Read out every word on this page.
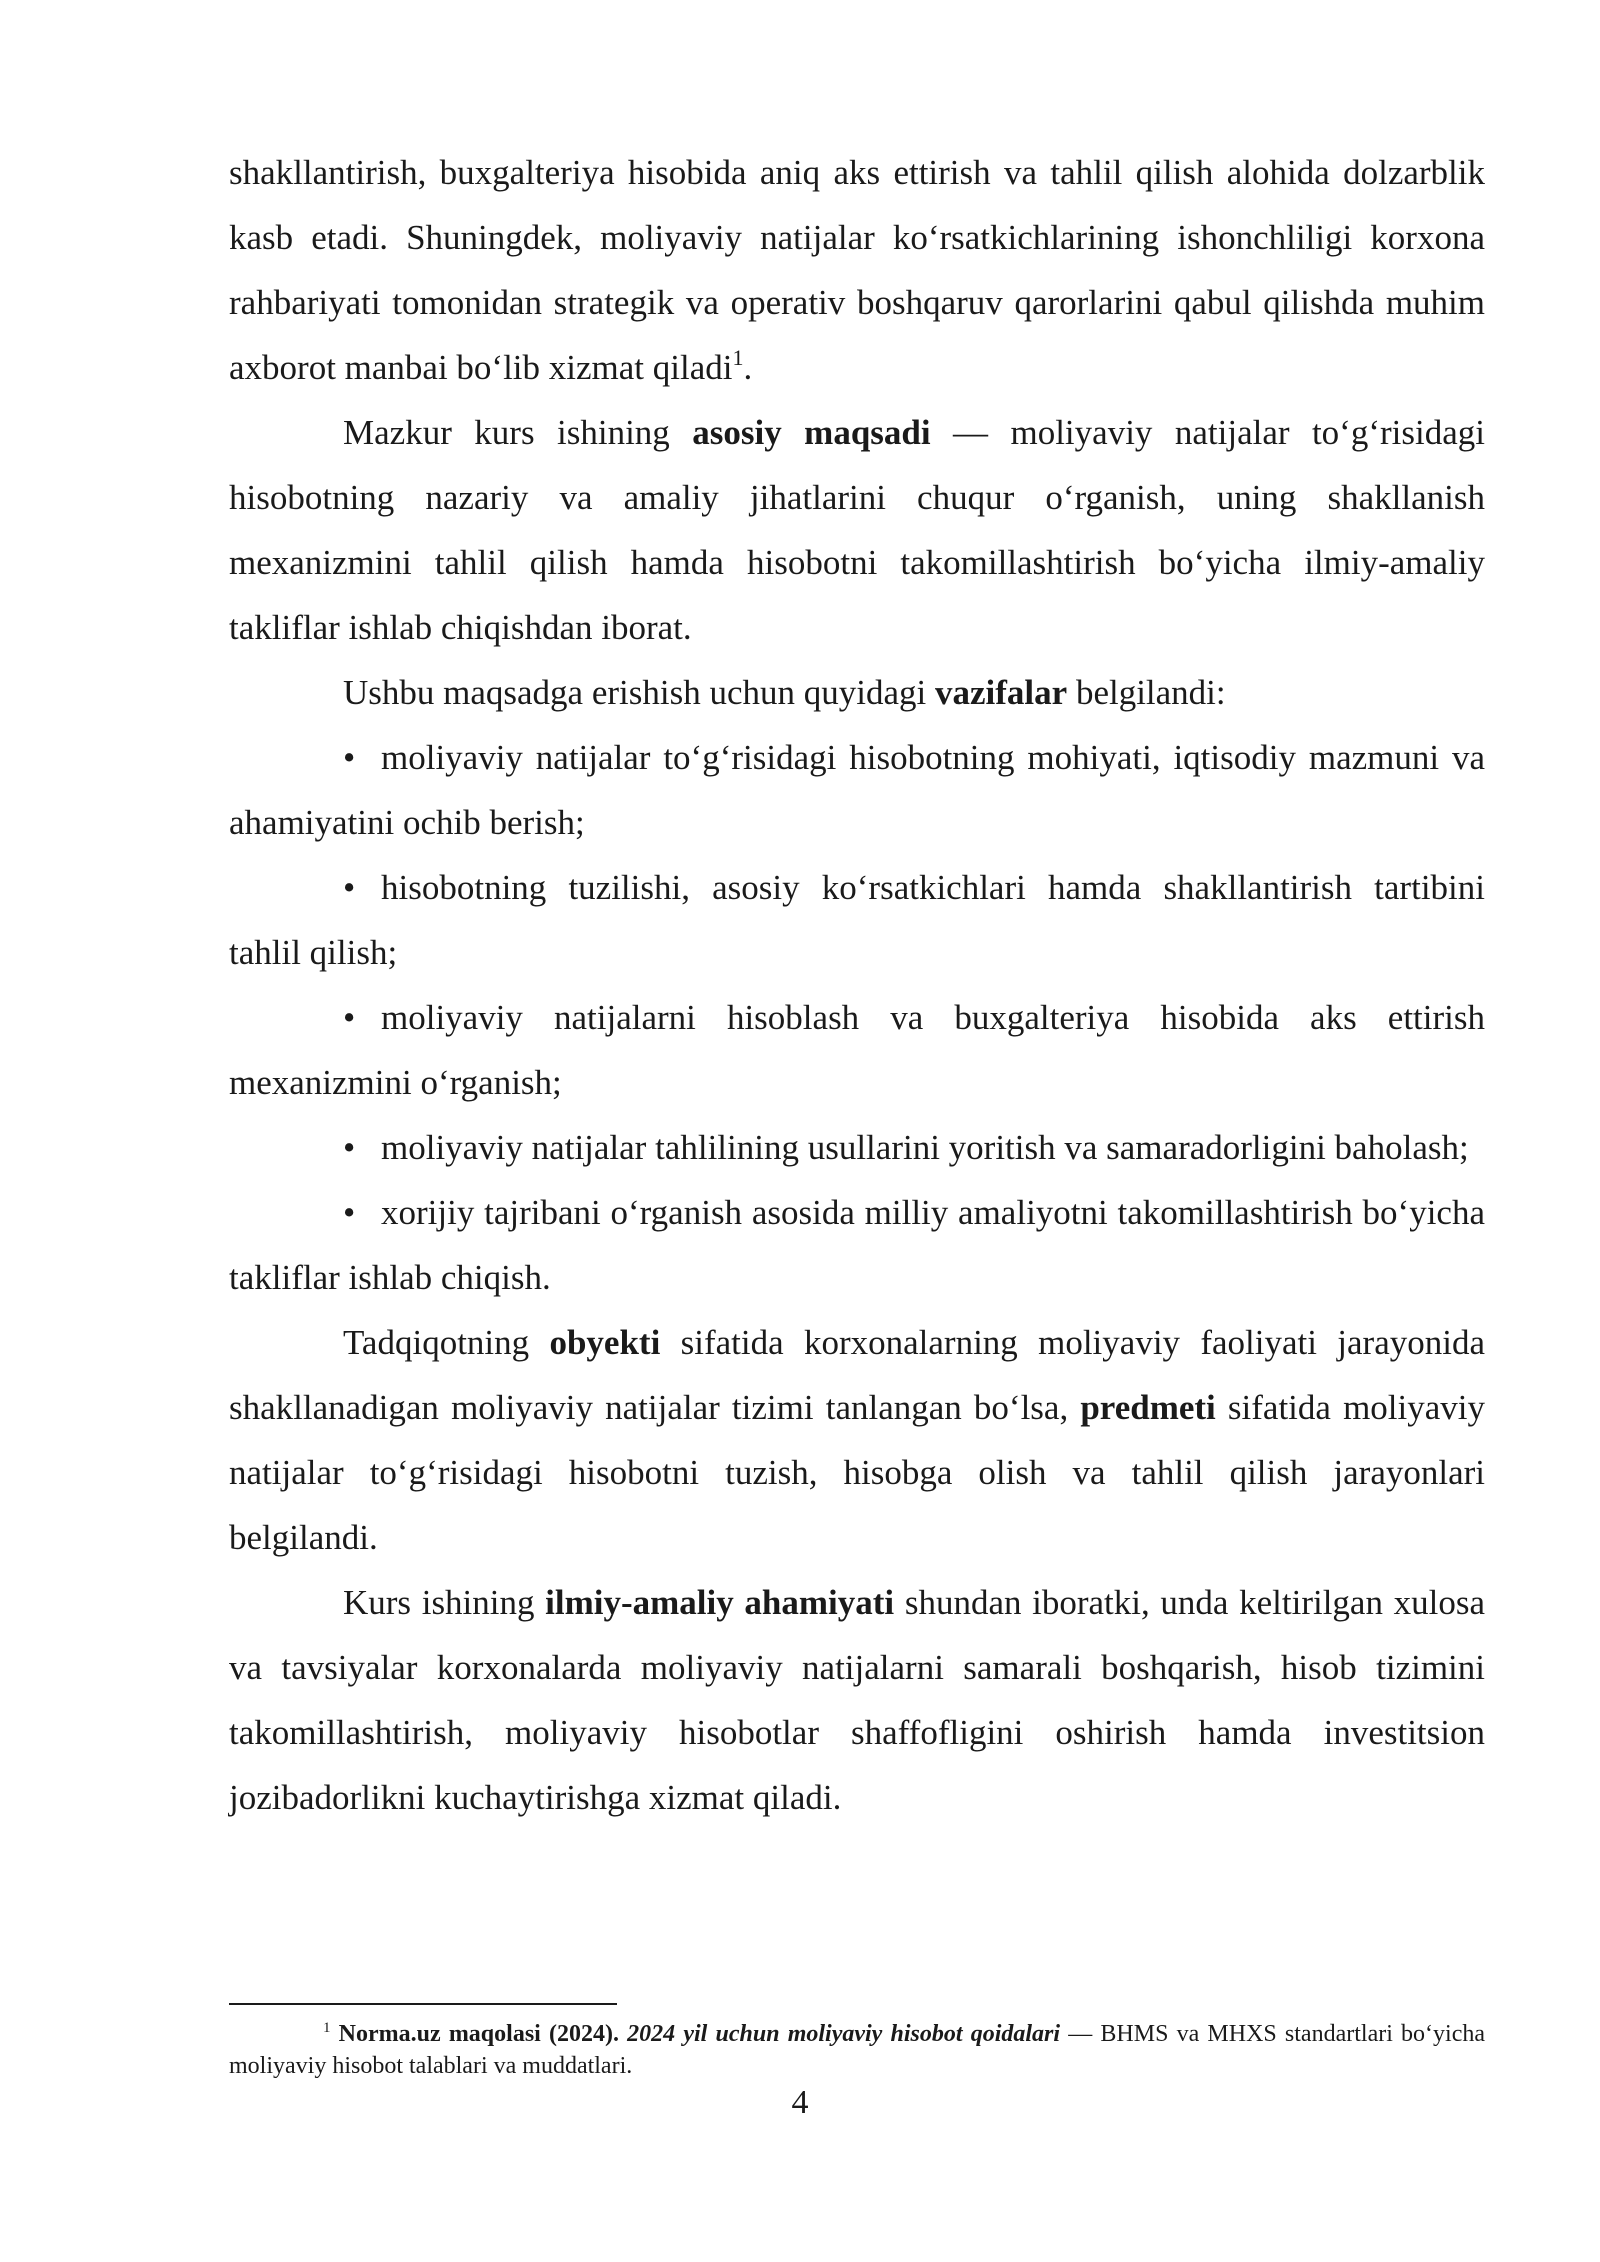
shakllantirish, buxgalteriya hisobida aniq aks ettirish va tahlil qilish alohida dolzarblik kasb etadi. Shuningdek, moliyaviy natijalar koʻrsatkichlarining ishonchliligi korxona rahbariyati tomonidan strategik va operativ boshqaruv qarorlarini qabul qilishda muhim axborot manbai boʻlib xizmat qiladi$^1$.

Mazkur kurs ishining asosiy maqsadi — moliyaviy natijalar toʻgʻrisidagi hisobotning nazariy va amaliy jihatlarini chuqur oʻrganish, uning shakllanish mexanizmini tahlil qilish hamda hisobotni takomillashtirish boʻyicha ilmiy-amaliy takliflar ishlab chiqishdan iborat.

Ushbu maqsadga erishish uchun quyidagi vazifalar belgilandi:

• moliyaviy natijalar toʻgʻrisidagi hisobotning mohiyati, iqtisodiy mazmuni va ahamiyatini ochib berish;

• hisobotning tuzilishi, asosiy koʻrsatkichlari hamda shakllantirish tartibini tahlil qilish;

• moliyaviy natijalarni hisoblash va buxgalteriya hisobida aks ettirish mexanizmini oʻrganish;

• moliyaviy natijalar tahlilining usullarini yoritish va samaradorligini baholash;

• xorijiy tajribani oʻrganish asosida milliy amaliyotni takomillashtirish boʻyicha takliflar ishlab chiqish.

Tadqiqotning obyekti sifatida korxonalarning moliyaviy faoliyati jarayonida shakllanadigan moliyaviy natijalar tizimi tanlangan boʻlsa, predmeti sifatida moliyaviy natijalar toʻgʻrisidagi hisobotni tuzish, hisobga olish va tahlil qilish jarayonlari belgilandi.

Kurs ishining ilmiy-amaliy ahamiyati shundan iboratki, unda keltirilgan xulosa va tavsiyalar korxonalarda moliyaviy natijalarni samarali boshqarish, hisob tizimini takomillashtirish, moliyaviy hisobotlar shaffofligini oshirish hamda investitsion jozibadorlikni kuchaytirishga xizmat qiladi.

$^1$ Norma.uz maqolasi (2024). 2024 yil uchun moliyaviy hisobot qoidalari — BHMS va MHXS standartlari boʻyicha moliyaviy hisobot talablari va muddatlari.
4
